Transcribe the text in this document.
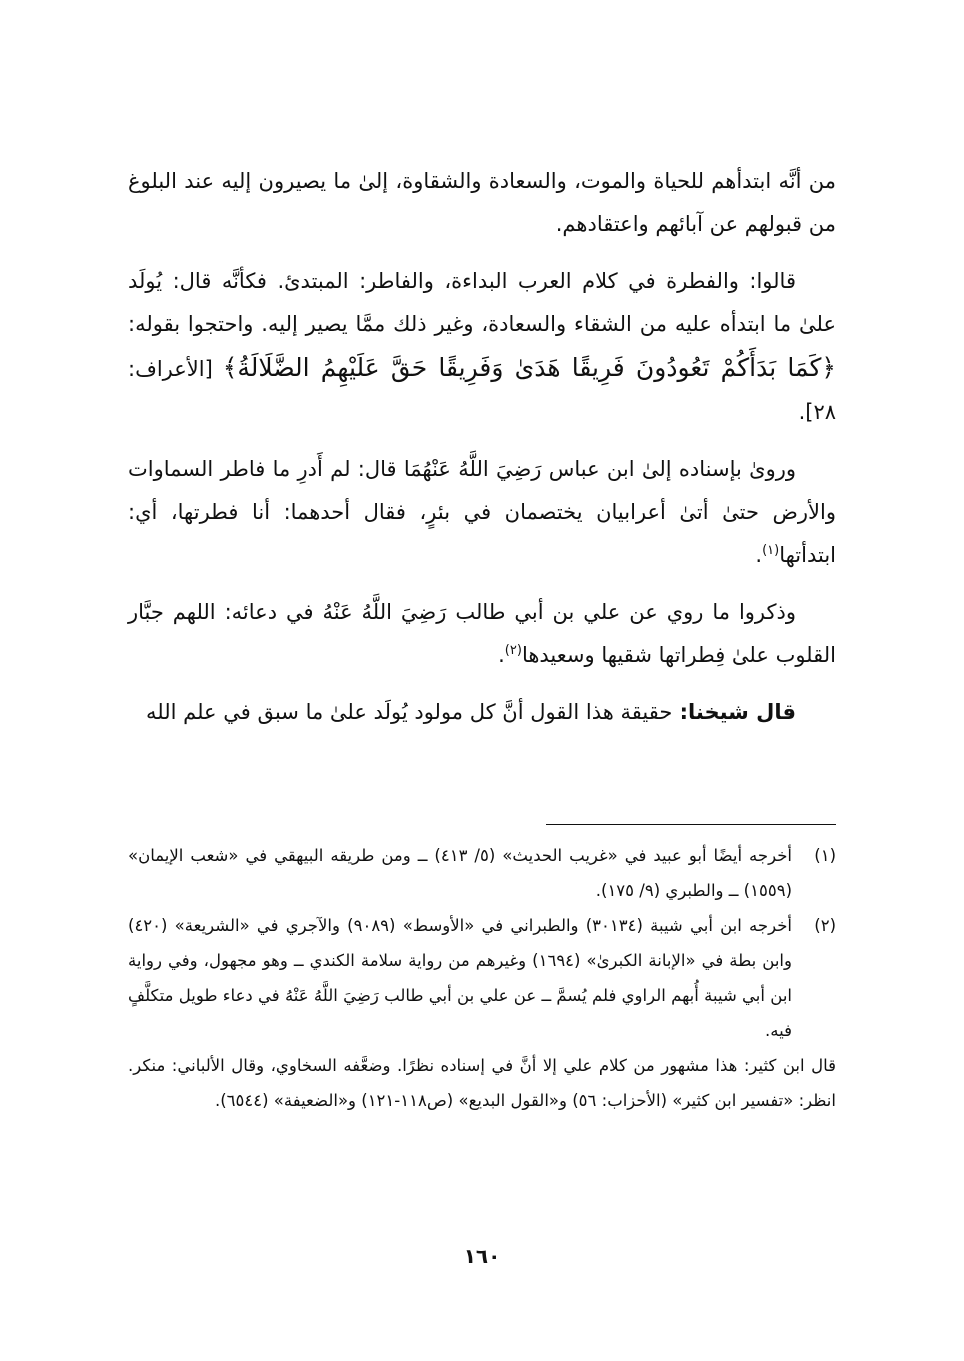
من أنَّه ابتدأهم للحياة والموت، والسعادة والشقاوة، إلىٰ ما يصيرون إليه عند البلوغ من قبولهم عن آبائهم واعتقادهم.

قالوا: والفطرة في كلام العرب البداءة، والفاطر: المبتدئ. فكأنَّه قال: يُولَد علىٰ ما ابتدأه عليه من الشقاء والسعادة، وغير ذلك ممَّا يصير إليه. واحتجوا بقوله: ﴿كَمَا بَدَأَكُمْ تَعُودُونَ فَرِيقًا هَدَىٰ وَفَرِيقًا حَقَّ عَلَيْهِمُ الضَّلَالَةُ﴾ [الأعراف: ٢٨].

وروىٰ بإسناده إلىٰ ابن عباس رَضِيَ اللَّهُ عَنْهُمَا قال: لم أَدرِ ما فاطر السماوات والأرض حتىٰ أتىٰ أعرابيان يختصمان في بئرٍ، فقال أحدهما: أنا فطرتها، أي: ابتدأتها$^{(١)}$.

وذكروا ما روي عن علي بن أبي طالب رَضِيَ اللَّهُ عَنْهُ في دعائه: اللهم جبَّار القلوب علىٰ فِطراتها شقيها وسعيدها$^{(٢)}$.

قال شيخنا: حقيقة هذا القول أنَّ كل مولود يُولَد علىٰ ما سبق في علم الله

(١)
أخرجه أيضًا أبو عبيد في «غريب الحديث» (٥/ ٤١٣) ــ ومن طريقه البيهقي في «شعب الإيمان» (١٥٥٩) ــ والطبري (٩/ ١٧٥).
(٢)
أخرجه ابن أبي شيبة (٣٠١٣٤) والطبراني في «الأوسط» (٩٠٨٩) والآجري في «الشريعة» (٤٢٠) وابن بطة في «الإبانة الكبرىٰ» (١٦٩٤) وغيرهم من رواية سلامة الكندي ــ وهو مجهول، وفي رواية ابن أبي شيبة أُبهم الراوي فلم يُسمَّ ــ عن علي بن أبي طالب رَضِيَ اللَّهُ عَنْهُ في دعاء طويل متكلَّفٍ فيه.

قال ابن كثير: هذا مشهور من كلام علي إلا أنَّ في إسناده نظرًا. وضعَّفه السخاوي، وقال الألباني: منكر. انظر: «تفسير ابن كثير» (الأحزاب: ٥٦) و«القول البديع» (ص١١٨-١٢١) و«الضعيفة» (٦٥٤٤).

١٦٠
